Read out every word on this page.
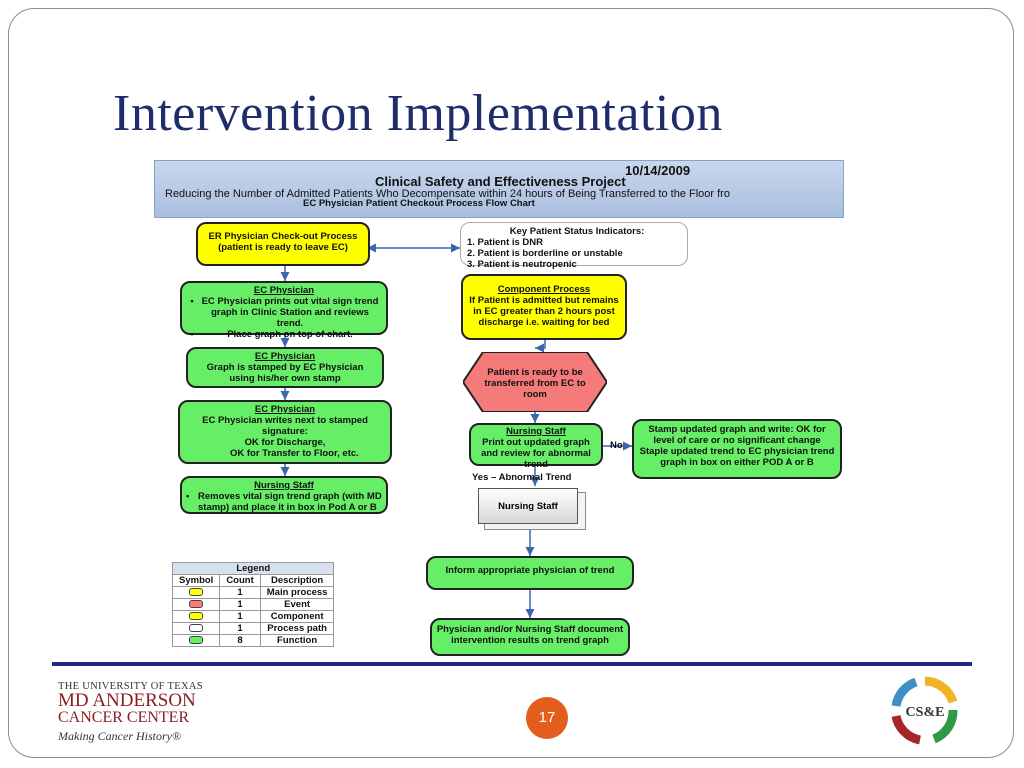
Intervention Implementation
10/14/2009
Clinical Safety and Effectiveness Project
Reducing the Number of Admitted Patients Who Decompensate within 24 hours of Being Transferred to the Floor fro
EC Physician Patient Checkout Process Flow Chart
ER Physician Check-out Process (patient is ready to leave EC)
Key Patient Status Indicators:
1. Patient is DNR
2. Patient is borderline or unstable
3. Patient is neutropenic
EC Physician
• EC Physician prints out vital sign trend graph in Clinic Station and reviews trend.
•	Place graph on top of chart.
EC Physician
Graph is stamped by EC Physician using his/her own stamp
EC Physician
EC Physician writes next to stamped signature:
OK for Discharge,
OK for Transfer to Floor, etc.
Nursing Staff
• Removes vital sign trend graph (with MD stamp) and place it in box in Pod A or B
Component Process
If Patient is admitted but remains in EC greater than 2 hours post discharge i.e. waiting for bed
Patient is ready to be transferred from EC to room
Nursing Staff
Print out updated graph and review for abnormal trend
No
Stamp updated graph and write: OK for level of care or no significant change Staple updated trend to EC physician trend graph in box on either POD A or B
Yes – Abnormal Trend
Nursing Staff
Inform appropriate physician of trend
Physician and/or Nursing Staff document intervention results on trend graph
Legend		
Symbol	Count	Description
	1	Main process
	1	Event
	1	Component
	1	Process path
	8	Function
THE UNIVERSITY OF TEXAS
MD ANDERSON
CANCER CENTER
Making Cancer History®
17	CS&E
